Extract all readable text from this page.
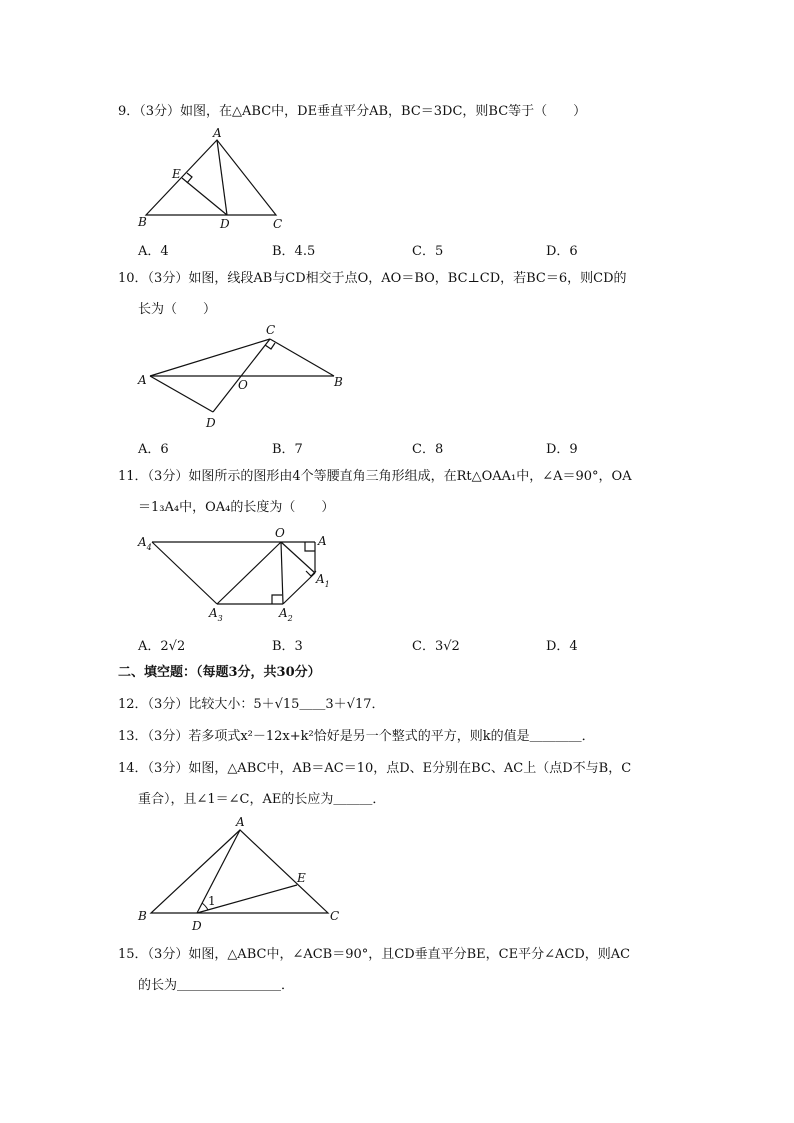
9．（3分）如图，在△ABC中，DE垂直平分AB，BC＝3DC，则BC等于（　　）
A
E
B	D	C
A．4	B．4.5	C．5	D．6
10．（3分）如图，线段AB与CD相交于点O，AO＝BO，BC⊥CD，若BC＝6，则CD的
长为（　　）
C
A	O	B
D
A．6	B．7	C．8	D．9
11．（3分）如图所示的图形由4个等腰直角三角形组成，在Rt△OAA₁中，∠A＝90°，OA
＝1₃A₄中，OA₄的长度为（　　）
$A_4$
O
A
$A_1$
$A_3$	$A_2$
A．2√2	B．3	C．3√2	D．4
二、填空题：（每题3分，共30分）
12．（3分）比较大小：5＋√15＿＿3＋√17．
13．（3分）若多项式x²－12x+k²恰好是另一个整式的平方，则k的值是＿＿＿＿．
14．（3分）如图，△ABC中，AB＝AC＝10，点D、E分别在BC、AC上（点D不与B，C
重合），且∠1＝∠C，AE的长应为＿＿＿．
A
E
1
B
D
C
15．（3分）如图，△ABC中，∠ACB＝90°，且CD垂直平分BE，CE平分∠ACD，则AC
的长为＿＿＿＿＿＿＿＿．
